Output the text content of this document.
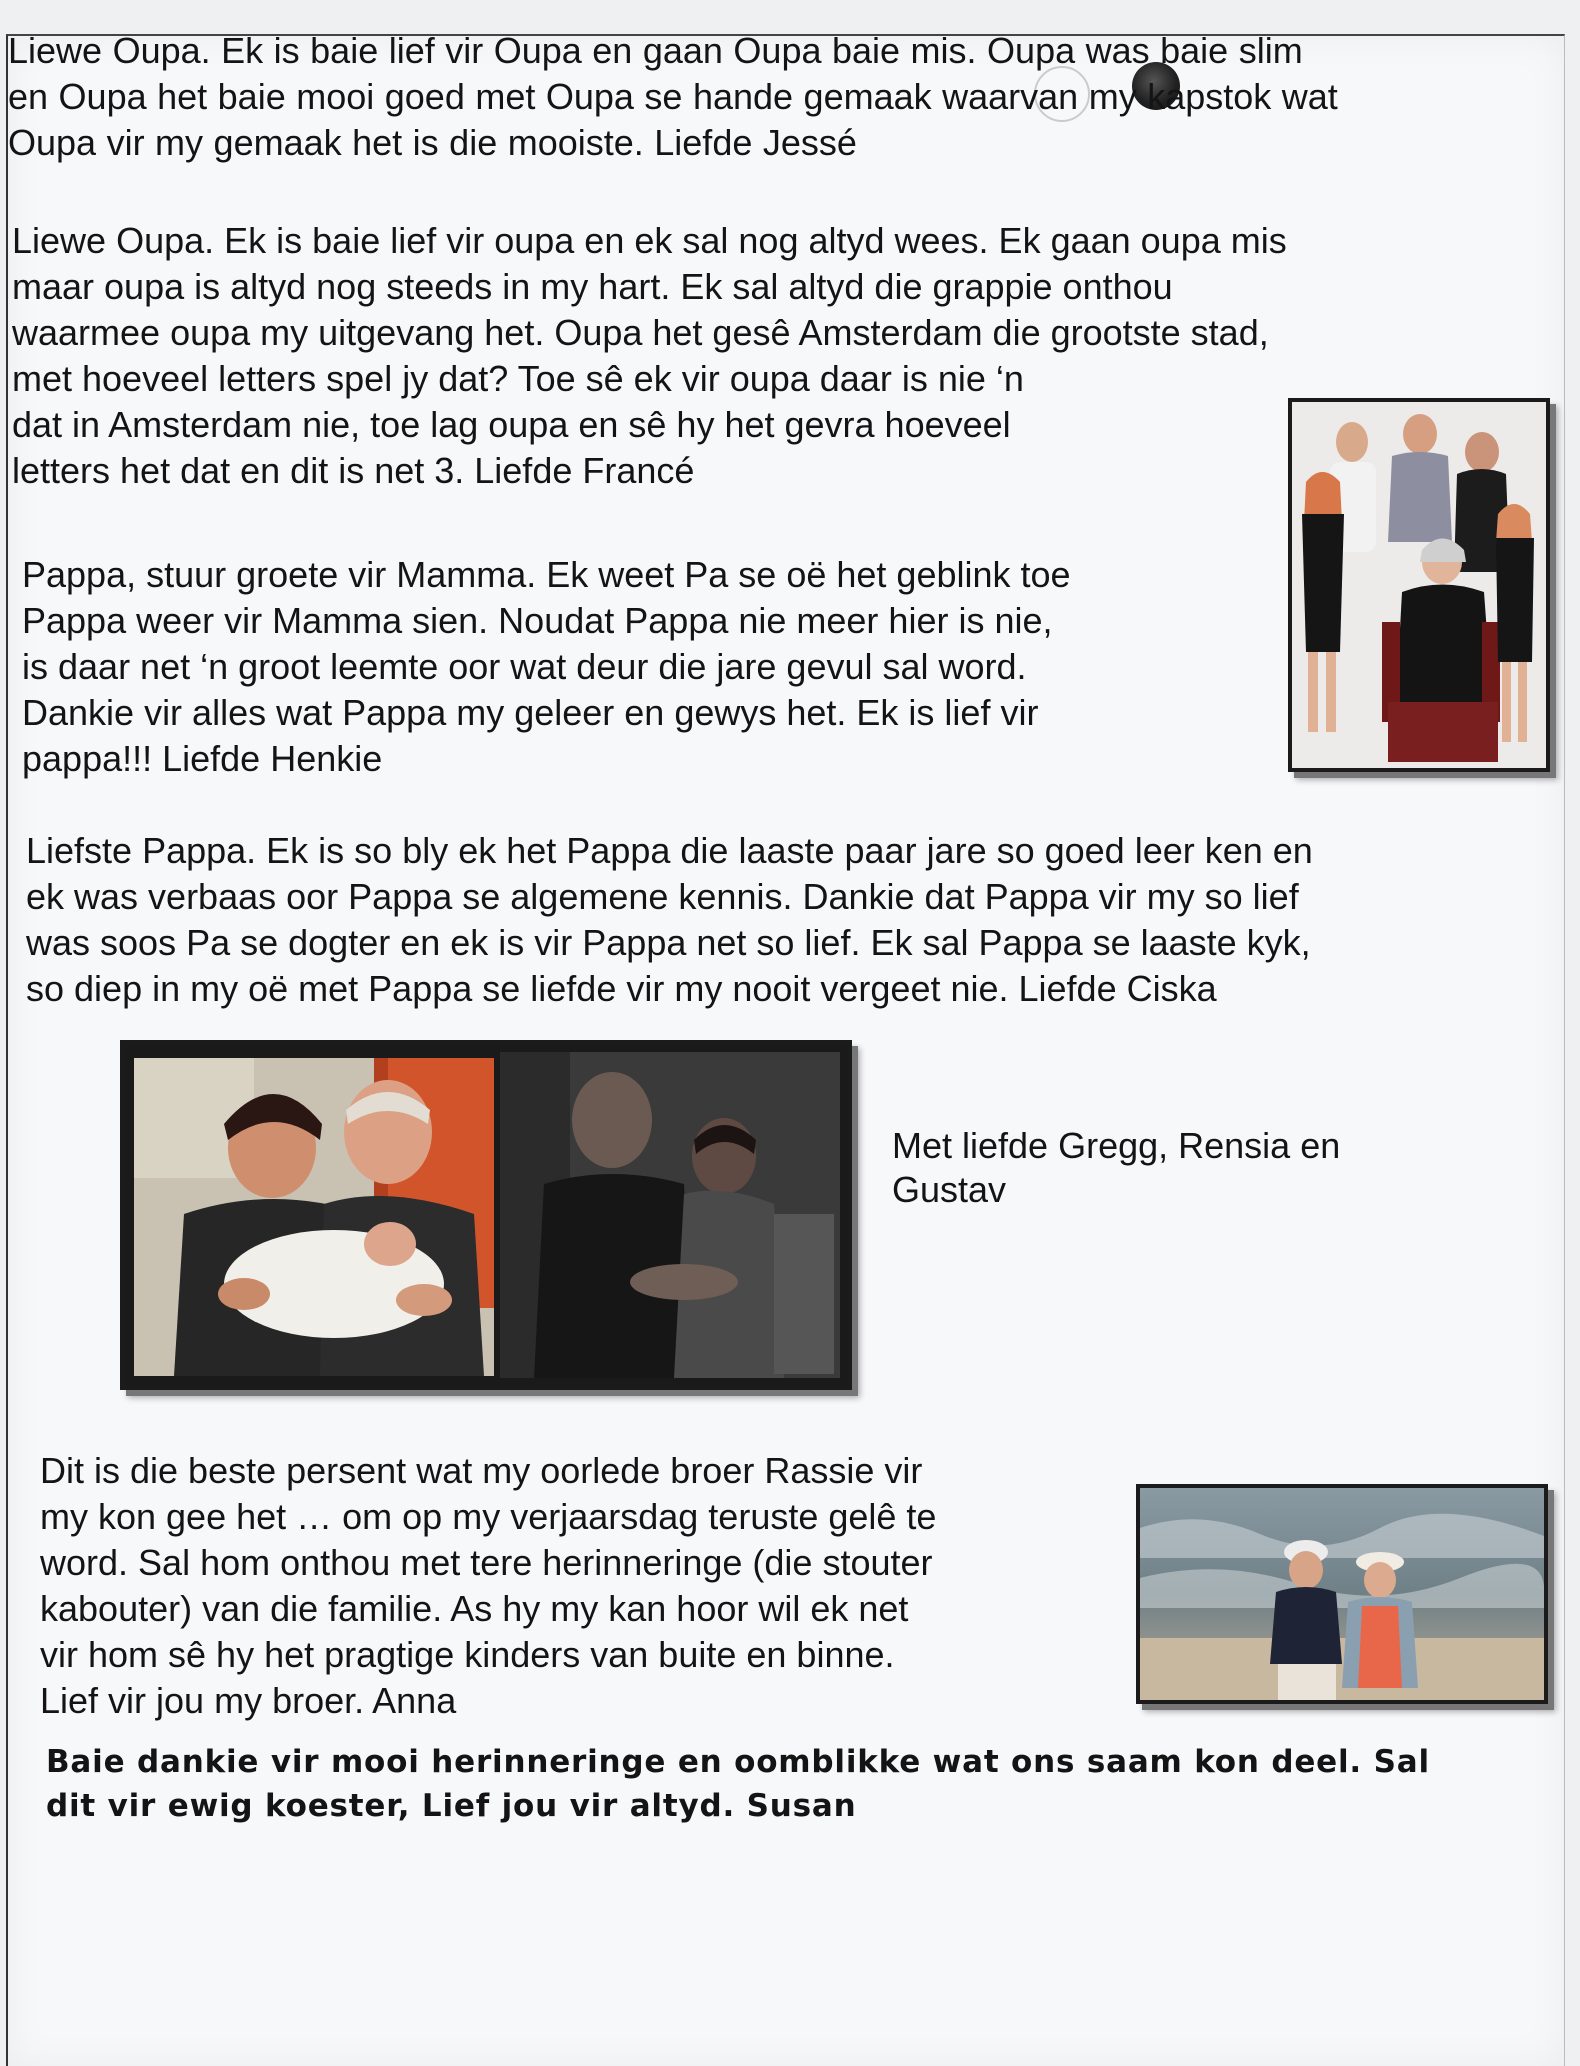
Liewe Oupa. Ek is baie lief vir Oupa en gaan Oupa baie mis. Oupa was baie slim
en Oupa het baie mooi goed met Oupa se hande gemaak waarvan my kapstok wat
Oupa vir my gemaak het is die mooiste. Liefde Jessé

Liewe Oupa. Ek is baie lief vir oupa en ek sal nog altyd wees. Ek gaan oupa mis
maar oupa is altyd nog steeds in my hart. Ek sal altyd die grappie onthou
waarmee oupa my uitgevang het. Oupa het gesê Amsterdam die grootste stad,
met hoeveel letters spel jy dat? Toe sê ek vir oupa daar is nie ‘n
dat in Amsterdam nie, toe lag oupa en sê hy het gevra hoeveel
letters het dat en dit is net 3. Liefde Francé

Pappa, stuur groete vir Mamma. Ek weet Pa se oë het geblink toe
Pappa weer vir Mamma sien. Noudat Pappa nie meer hier is nie,
is daar net ‘n groot leemte oor wat deur die jare gevul sal word.
Dankie vir alles wat Pappa my geleer en gewys het. Ek is lief vir
pappa!!! Liefde Henkie

Liefste Pappa. Ek is so bly ek het Pappa die laaste paar jare so goed leer ken en
ek was verbaas oor Pappa se algemene kennis. Dankie dat Pappa vir my so lief
was soos Pa se dogter en ek is vir Pappa net so lief. Ek sal Pappa se laaste kyk,
so diep in my oë met Pappa se liefde vir my nooit vergeet nie. Liefde Ciska

Dit is die beste persent wat my oorlede broer Rassie vir
my kon gee het … om op my verjaarsdag teruste gelê te
word. Sal hom onthou met tere herinneringe (die stouter
kabouter) van die familie. As hy my kan hoor wil ek net
vir hom sê hy het pragtige kinders van buite en binne.
Lief vir jou my broer. Anna

Baie dankie vir mooi herinneringe en oomblikke wat ons saam kon deel. Sal
dit vir ewig koester, Lief jou vir altyd. Susan

Met liefde Gregg, Rensia en
Gustav
